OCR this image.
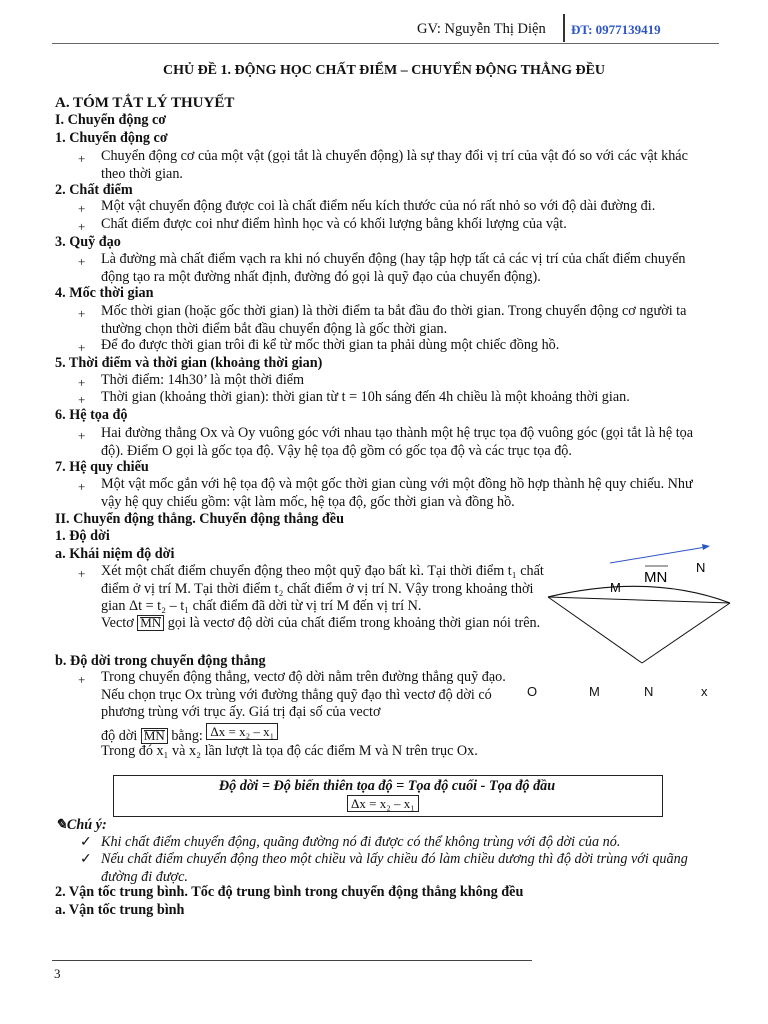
GV: Nguyễn Thị Diện ĐT: 0977139419
CHỦ ĐỀ 1. ĐỘNG HỌC CHẤT ĐIỂM – CHUYỂN ĐỘNG THẲNG ĐỀU
A. TÓM TẮT LÝ THUYẾT
I. Chuyển động cơ
1. Chuyển động cơ
+ Chuyển động cơ của một vật (gọi tắt là chuyển động) là sự thay đổi vị trí của vật đó so với các vật khác theo thời gian.
2. Chất điểm
+ Một vật chuyển động được coi là chất điểm nếu kích thước của nó rất nhỏ so với độ dài đường đi.
+ Chất điểm được coi như điểm hình học và có khối lượng bằng khối lượng của vật.
3. Quỹ đạo
+ Là đường mà chất điểm vạch ra khi nó chuyển động (hay tập hợp tất cả các vị trí của chất điểm chuyển động tạo ra một đường nhất định, đường đó gọi là quỹ đạo của chuyển động).
4. Mốc thời gian
+ Mốc thời gian (hoặc gốc thời gian) là thời điểm ta bắt đầu đo thời gian. Trong chuyển động cơ người ta thường chọn thời điểm bắt đầu chuyển động là gốc thời gian.
+ Để đo được thời gian trôi đi kể từ mốc thời gian ta phải dùng một chiếc đồng hồ.
5. Thời điểm và thời gian (khoảng thời gian)
+ Thời điểm: 14h30’ là một thời điểm
+ Thời gian (khoảng thời gian): thời gian từ t = 10h sáng đến 4h chiều là một khoảng thời gian.
6. Hệ tọa độ
+ Hai đường thẳng Ox và Oy vuông góc với nhau tạo thành một hệ trục tọa độ vuông góc (gọi tắt là hệ tọa độ). Điểm O gọi là gốc tọa độ. Vậy hệ tọa độ gồm có gốc tọa độ và các trục tọa độ.
7. Hệ quy chiếu
+ Một vật mốc gắn với hệ tọa độ và một gốc thời gian cùng với một đồng hồ hợp thành hệ quy chiếu. Như vậy hệ quy chiếu gồm: vật làm mốc, hệ tọa độ, gốc thời gian và đồng hồ.
II. Chuyển động thẳng. Chuyển động thẳng đều
1. Độ dời
a. Khái niệm độ dời
+ Xét một chất điểm chuyển động theo một quỹ đạo bất kì. Tại thời điểm t₁ chất điểm ở vị trí M. Tại thời điểm t₂ chất điểm ở vị trí N. Vậy trong khoảng thời gian Δt = t₂ – t₁ chất điểm đã dời từ vị trí M đến vị trí N.
Vectơ MN gọi là vectơ độ dời của chất điểm trong khoảng thời gian nói trên.
M
MN
N
b. Độ dời trong chuyển động thẳng
+ Trong chuyển động thẳng, vectơ độ dời nằm trên đường thẳng quỹ đạo. Nếu chọn trục Ox trùng với đường thẳng quỹ đạo thì vectơ độ dời có phương trùng với trục ấy. Giá trị đại số của vectơ
độ dời MN bằng: Δx = x₂ – x₁
Trong đó x₁ và x₂ lần lượt là tọa độ các điểm M và N trên trục Ox.
O	M	N	x
Độ dời = Độ biến thiên tọa độ = Tọa độ cuối - Tọa độ đầu
Δx = x₂ – x₁
✎Chú ý:
✓ Khi chất điểm chuyển động, quãng đường nó đi được có thể không trùng với độ dời của nó.
✓ Nếu chất điểm chuyển động theo một chiều và lấy chiều đó làm chiều dương thì độ dời trùng với quãng đường đi được.
2. Vận tốc trung bình. Tốc độ trung bình trong chuyển động thẳng không đều
a. Vận tốc trung bình
3
